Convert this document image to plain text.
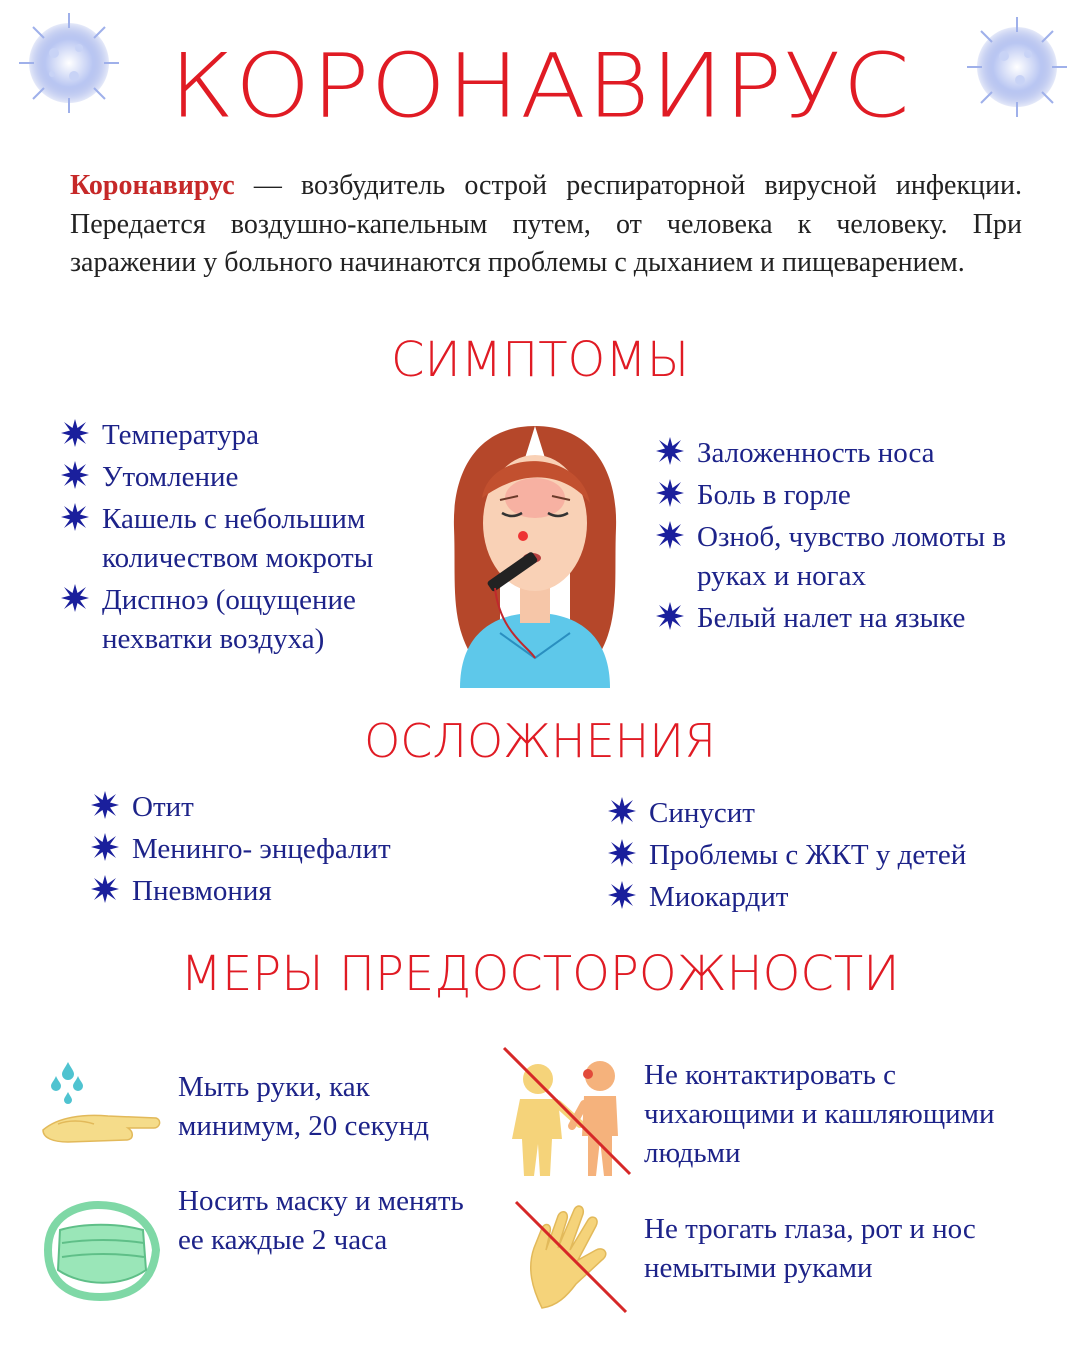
КОРОНАВИРУС
Коронавирус — возбудитель острой респираторной вирусной инфекции. Передается воздушно-капельным путем, от человека к человеку. При заражении у больного начинаются проблемы с дыханием и пищеварением.
СИМПТОМЫ
Температура
Утомление
Кашель с небольшим количеством мокроты
Диспноэ (ощущение нехватки воздуха)
Заложенность носа
Боль в горле
Озноб, чувство ломоты в руках и ногах
Белый налет на языке
ОСЛОЖНЕНИЯ
Отит
Менинго- энцефалит
Пневмония
Синусит
Проблемы с ЖКТ у детей
Миокардит
МЕРЫ ПРЕДОСТОРОЖНОСТИ
Мыть руки, как минимум, 20 секунд
Не контактировать с чихающими и кашляющими людьми
Носить маску и менять ее каждые 2 часа	Не трогать глаза, рот и нос немытыми руками
